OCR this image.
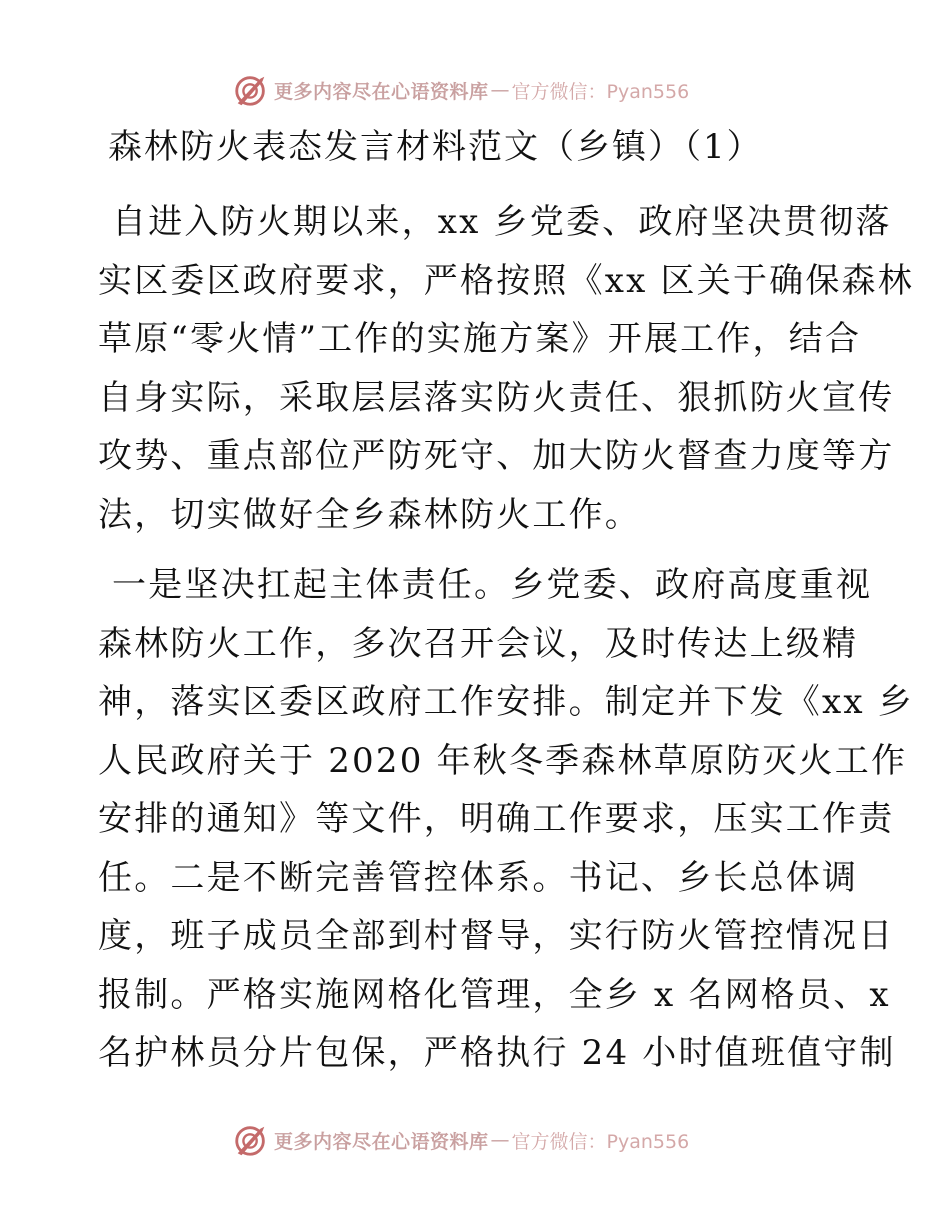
更多内容尽在心语资料库 — 官方微信：Pyan556
森林防火表态发言材料范文（乡镇）（1）

自进入防火期以来，xx 乡党委、政府坚决贯彻落
实区委区政府要求，严格按照《xx 区关于确保森林
草原“零火情”工作的实施方案》开展工作，结合
自身实际，采取层层落实防火责任、狠抓防火宣传
攻势、重点部位严防死守、加大防火督查力度等方
法，切实做好全乡森林防火工作。

一是坚决扛起主体责任。乡党委、政府高度重视
森林防火工作，多次召开会议，及时传达上级精
神，落实区委区政府工作安排。制定并下发《xx 乡
人民政府关于 2020 年秋冬季森林草原防灭火工作
安排的通知》等文件，明确工作要求，压实工作责
任。二是不断完善管控体系。书记、乡长总体调
度，班子成员全部到村督导，实行防火管控情况日
报制。严格实施网格化管理，全乡 x 名网格员、x
名护林员分片包保，严格执行 24 小时值班值守制

更多内容尽在心语资料库 — 官方微信：Pyan556
